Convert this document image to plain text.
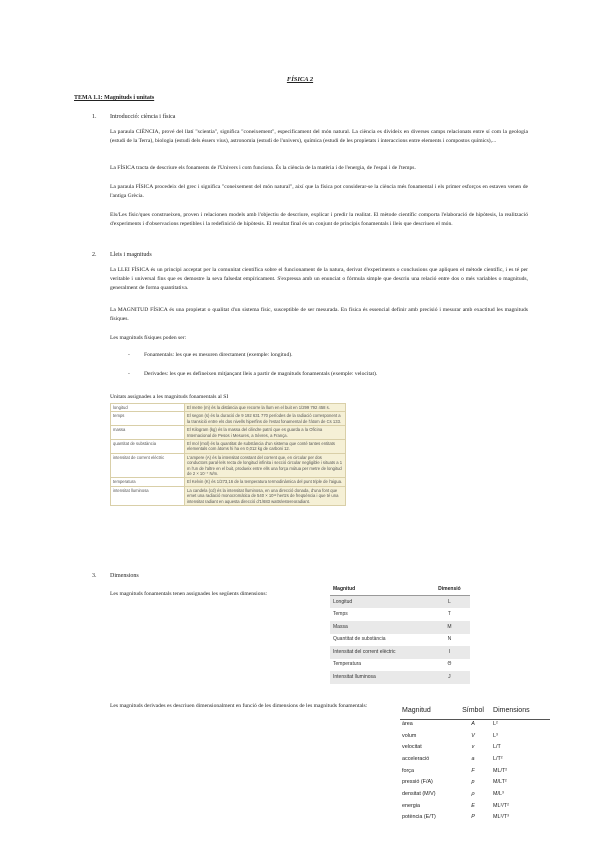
FÍSICA 2
TEMA 1.1: Magnituds i unitats
1. Introducció: ciència i física
La paraula CIÈNCIA, prové del llatí "scientia", significa "coneixement", especificament del món natural. La ciència es divideix en diverses camps relacionats entre sí com la geologia (estudi de la Terra), biologia (estudi dels éssers vius), astronomia (estudi de l'univers), química (estudi de les propietats i interaccions entre elements i compostos químics),...
La FÍSICA tracta de descriure els fonaments de l'Univers i com funciona. És la ciència de la matèria i de l'energia, de l'espai i de l'temps.
La paraula FÍSICA procedeix del grec i significa "coneixement del món natural", així que la física pot considerar-se la ciència més fonamental i els primer esforços en estaven venen de l'antiga Grècia.
Els/Les físic/ques construeixen, proven i relacionen models amb l'objectiu de descriure, explicar i predir la realitat. El mètode científic comporta l'elaboració de hipòtesis, la realització d'experiments i d'observacions repetibles i la redefinició de hipòtesis. El resultat final és un conjunt de principis fonamentals i lleis que descriuen el món.
2. Lleis i magnituds
La LLEI FÍSICA és un principi acceptat per la comunitat científica sobre el funcionament de la natura, derivat d'experiments o conclusions que apliquen el mètode científic, i es té per veritable i universal fins que es demostre la seva falsedat empíricament. S'expressa amb un enunciat o fórmula simple que descriu una relació entre dos o més variables o magnituds, generalment de forma quantitativa.
La MAGNITUD FÍSICA és una propietat o qualitat d'un sistema físic, susceptible de ser mesurada. En física és essencial definir amb precisió i mesurar amb exactitud les magnituds físiques.
Les magnituds físiques poden ser:
-	Fonamentals: les que es mesuren directament (exemple: longitud).
-	Derivades: les que es defineixen mitjançant lleis a partir de magnituds fonamentals (exemple: velocitat).
Unitats assignades a les magnituds fonamentals al SI
longitud	El metre (m) és la distància que recorre la llum en el buit en 1/299 792 458 s.
temps	El segon (s) és la duració de 9 192 631 770 períodes de la radiació corresponent a la transició entre els dos nivells hiperfins de l'estat fonamental de l'àtom de Cs 133.
massa	El Kilogram (kg) és la massa del cilindre patró que es guarda a la Oficina Internacional de Pesos i Mesures, a Sèvres, a França.
quantitat de substància	El mol (mol) és la quantitat de substància d'un sistema que conté tantes entitats elementals com àtoms hi ha en 0,012 kg de carboni 12.
intensitat de corrent elèctric	L'ampere (A) és la intensitat constant del corrent que, en circular per dos conductors paral·lels recta de longitud infinita i secció circular negligible i situats a 1 m l'un de l'altre en el buit, produeix entre ells una força mútua per metre de longitud de 2 × 10⁻⁷ N/m.
temperatura	El Kelvin (K) és 1/273,16 de la temperatura termodinàmica del punt triple de l'aigua.
intensitat lluminosa	La candela (cd) és la intensitat lluminosa, en una direcció donada, d'una font que emet una radiació monocromàtica de 540 × 10¹² hertzs de freqüència i que té una intensitat radiant en aquesta direcció d'1/683 watts/estereoradiant.
3. Dimensions
Les magnituds fonamentals tenen assignades les següents dimensions:
Magnitud	Dimensió
Longitud	L
Temps	T
Massa	M
Quantitat de substància	N
Intensitat del corrent elèctric	I
Temperatura	Θ
Intensitat lluminosa	J
Les magnituds derivades es descriuen dimensionalment en funció de les dimensions de les magnituds fonamentals:
Magnitud	Símbol	Dimensions
àrea	A	L²
volum	V	L³
velocitat	v	L/T
acceleració	a	L/T²
força	F	ML/T²
pressió (F/A)	p	M/LT²
densitat (M/V)	ρ	M/L³
energia	E	ML²/T²
potència (E/T)	P	ML²/T³
